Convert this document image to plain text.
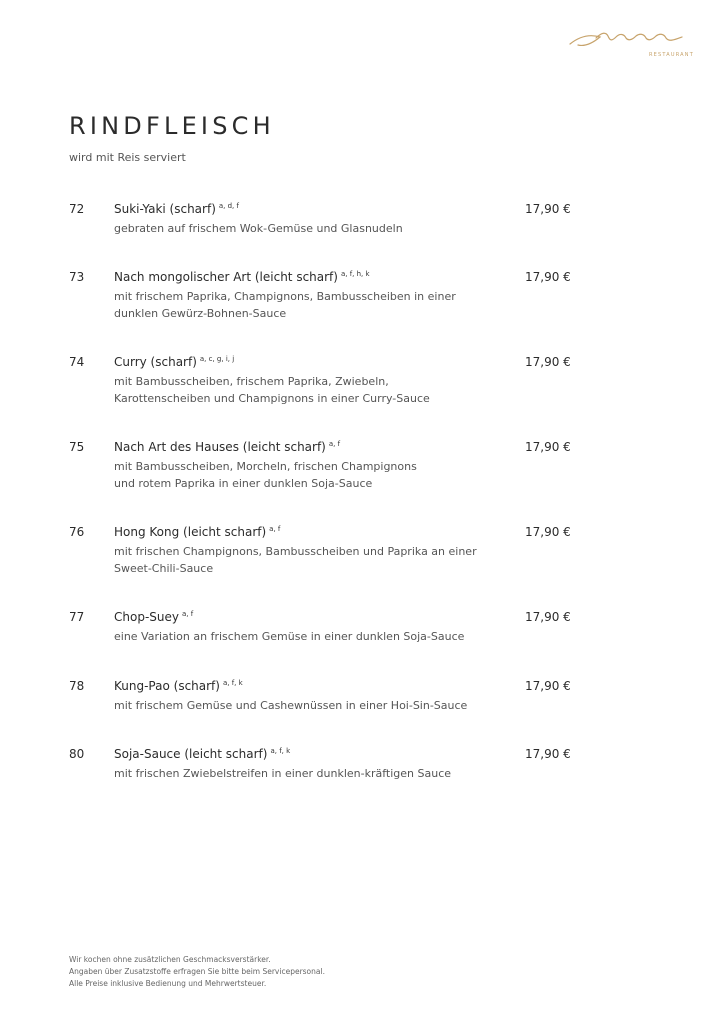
RESTAURANT
RINDFLEISCH
wird mit Reis serviert
72 Suki-Yaki (scharf) $^{a, d, f}$	17,90 €
gebraten auf frischem Wok-Gemüse und Glasnudeln
73 Nach mongolischer Art (leicht scharf) $^{a, f, h, k}$	17,90 €
mit frischem Paprika, Champignons, Bambusscheiben in einer
dunklen Gewürz-Bohnen-Sauce
74 Curry (scharf) $^{a, c, g, i, j}$	17,90 €
mit Bambusscheiben, frischem Paprika, Zwiebeln,
Karottenscheiben und Champignons in einer Curry-Sauce
75 Nach Art des Hauses (leicht scharf) $^{a, f}$	17,90 €
mit Bambusscheiben, Morcheln, frischen Champignons
und rotem Paprika in einer dunklen Soja-Sauce
76 Hong Kong (leicht scharf) $^{a, f}$	17,90 €
mit frischen Champignons, Bambusscheiben und Paprika an einer
Sweet-Chili-Sauce
77 Chop-Suey $^{a, f}$	17,90 €
eine Variation an frischem Gemüse in einer dunklen Soja-Sauce
78 Kung-Pao (scharf) $^{a, f, k}$	17,90 €
mit frischem Gemüse und Cashewnüssen in einer Hoi-Sin-Sauce
80 Soja-Sauce (leicht scharf) $^{a, f, k}$	17,90 €
mit frischen Zwiebelstreifen in einer dunklen-kräftigen Sauce
Wir kochen ohne zusätzlichen Geschmacksverstärker.
Angaben über Zusatzstoffe erfragen Sie bitte beim Servicepersonal.
Alle Preise inklusive Bedienung und Mehrwertsteuer.
